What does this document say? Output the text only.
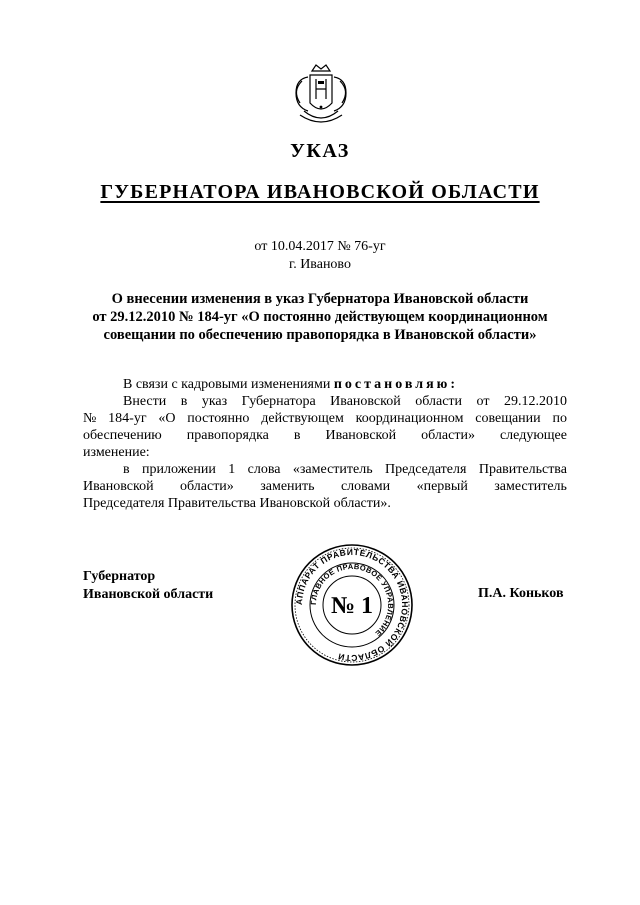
УКАЗ
ГУБЕРНАТОРА ИВАНОВСКОЙ ОБЛАСТИ
от 10.04.2017 № 76-уг
г. Иваново
О внесении изменения в указ Губернатора Ивановской области
от 29.12.2010 № 184-уг «О постоянно действующем координационном
совещании по обеспечению правопорядка в Ивановской области»
В связи с кадровыми изменениями
постановляю:
Внести в указ Губернатора Ивановской области от 29.12.2010
№ 184-уг «О постоянно действующем координационном совещании по
обеспечению правопорядка в Ивановской области» следующее
изменение:
в приложении 1 слова «заместитель Председателя Правительства
Ивановской области» заменить словами «первый заместитель
Председателя Правительства Ивановской области».
Губернатор
Ивановской области	АППАРАТ ПРАВИТЕЛЬСТВА ИВАНОВСКОЙ ОБЛАСТИ
ГЛАВНОЕ ПРАВОВОЕ УПРАВЛЕНИЕ
№ 1	П.А. Коньков
